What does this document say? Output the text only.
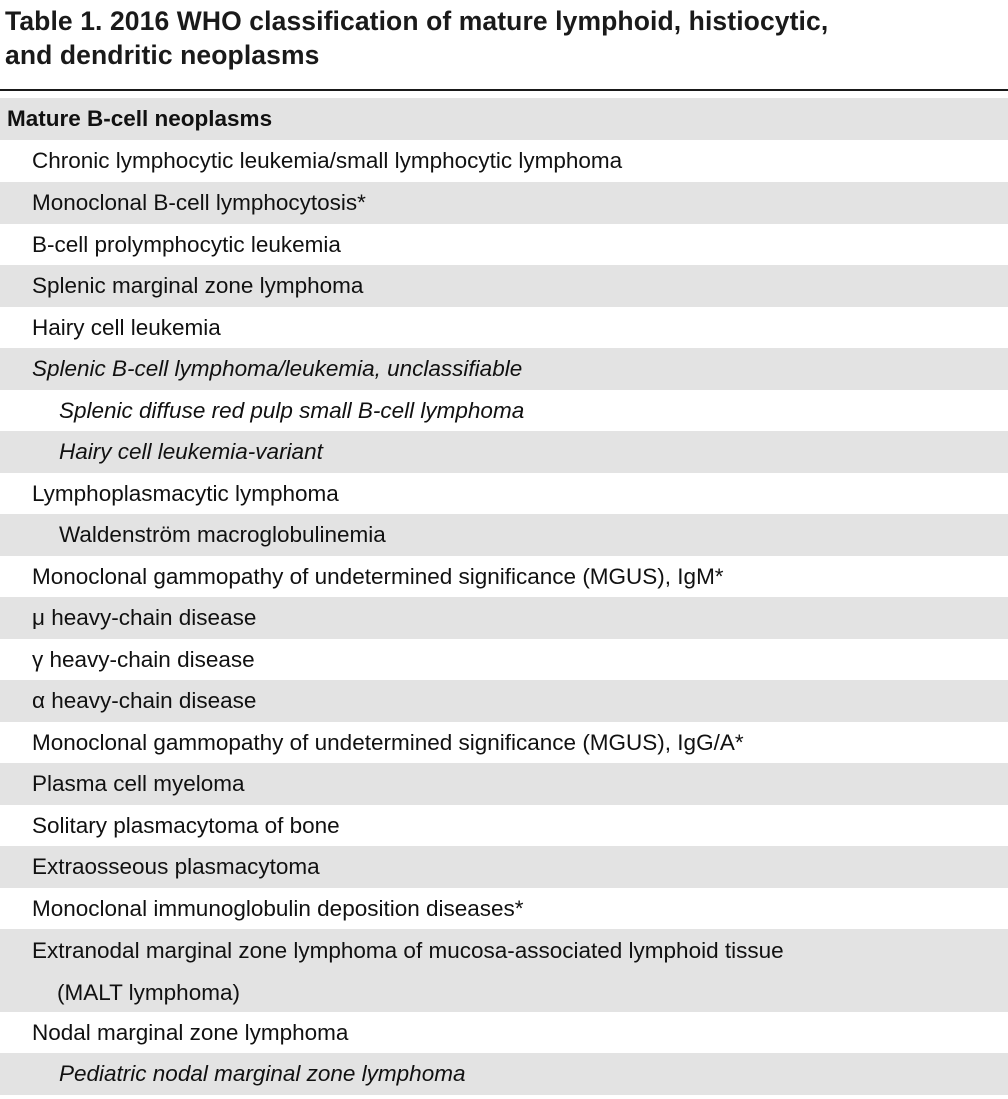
Table 1. 2016 WHO classification of mature lymphoid, histiocytic,
and dendritic neoplasms
Mature B-cell neoplasms
Chronic lymphocytic leukemia/small lymphocytic lymphoma
Monoclonal B-cell lymphocytosis*
B-cell prolymphocytic leukemia
Splenic marginal zone lymphoma
Hairy cell leukemia
Splenic B-cell lymphoma/leukemia, unclassifiable
Splenic diffuse red pulp small B-cell lymphoma
Hairy cell leukemia-variant
Lymphoplasmacytic lymphoma
Waldenström macroglobulinemia
Monoclonal gammopathy of undetermined significance (MGUS), IgM*
μ heavy-chain disease
γ heavy-chain disease
α heavy-chain disease
Monoclonal gammopathy of undetermined significance (MGUS), IgG/A*
Plasma cell myeloma
Solitary plasmacytoma of bone
Extraosseous plasmacytoma
Monoclonal immunoglobulin deposition diseases*
Extranodal marginal zone lymphoma of mucosa-associated lymphoid tissue
(MALT lymphoma)
Nodal marginal zone lymphoma
Pediatric nodal marginal zone lymphoma
